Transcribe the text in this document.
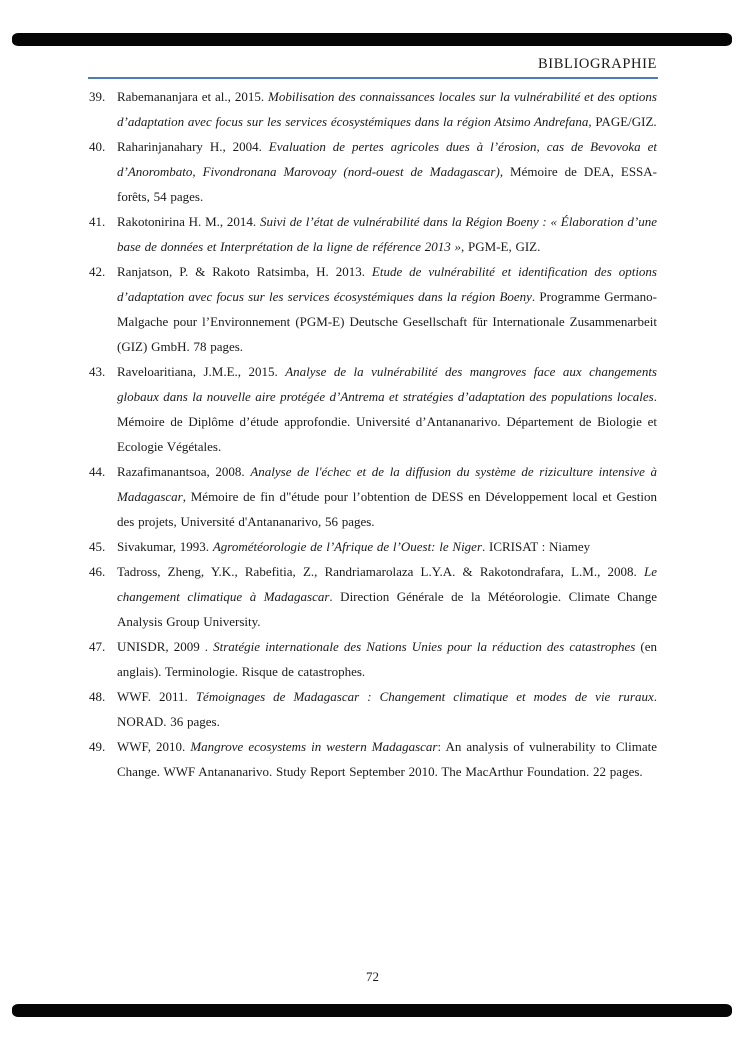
BIBLIOGRAPHIE

39. Rabemananjara et al., 2015. Mobilisation des connaissances locales sur la vulnérabilité et des options d’adaptation avec focus sur les services écosystémiques dans la région Atsimo Andrefana, PAGE/GIZ.

40. Raharinjanahary H., 2004. Evaluation de pertes agricoles dues à l’érosion, cas de Bevovoka et d’Anorombato, Fivondronana Marovoay (nord-ouest de Madagascar), Mémoire de DEA, ESSA-forêts, 54 pages.

41. Rakotonirina H. M., 2014. Suivi de l’état de vulnérabilité dans la Région Boeny : « Élaboration d’une base de données et Interprétation de la ligne de référence 2013 », PGM-E, GIZ.

42. Ranjatson, P. & Rakoto Ratsimba, H. 2013. Etude de vulnérabilité et identification des options d’adaptation avec focus sur les services écosystémiques dans la région Boeny. Programme Germano-Malgache pour l’Environnement (PGM-E) Deutsche Gesellschaft für Internationale Zusammenarbeit (GIZ) GmbH. 78 pages.

43. Raveloaritiana, J.M.E., 2015. Analyse de la vulnérabilité des mangroves face aux changements globaux dans la nouvelle aire protégée d’Antrema et stratégies d’adaptation des populations locales. Mémoire de Diplôme d’étude approfondie. Université d’Antananarivo. Département de Biologie et Ecologie Végétales.

44. Razafimanantsoa, 2008. Analyse de l'échec et de la diffusion du système de riziculture intensive à Madagascar, Mémoire de fin d"étude pour l’obtention de DESS en Développement local et Gestion des projets, Université d'Antananarivo, 56 pages.

45. Sivakumar, 1993. Agrométéorologie de l’Afrique de l’Ouest: le Niger. ICRISAT : Niamey

46. Tadross, Zheng, Y.K., Rabefitia, Z., Randriamarolaza L.Y.A. & Rakotondrafara, L.M., 2008. Le changement climatique à Madagascar. Direction Générale de la Météorologie. Climate Change Analysis Group University.

47. UNISDR, 2009 . Stratégie internationale des Nations Unies pour la réduction des catastrophes (en anglais). Terminologie. Risque de catastrophes.

48. WWF. 2011. Témoignages de Madagascar : Changement climatique et modes de vie ruraux. NORAD. 36 pages.

49. WWF, 2010. Mangrove ecosystems in western Madagascar: An analysis of vulnerability to Climate Change. WWF Antananarivo. Study Report September 2010. The MacArthur Foundation. 22 pages.

72
